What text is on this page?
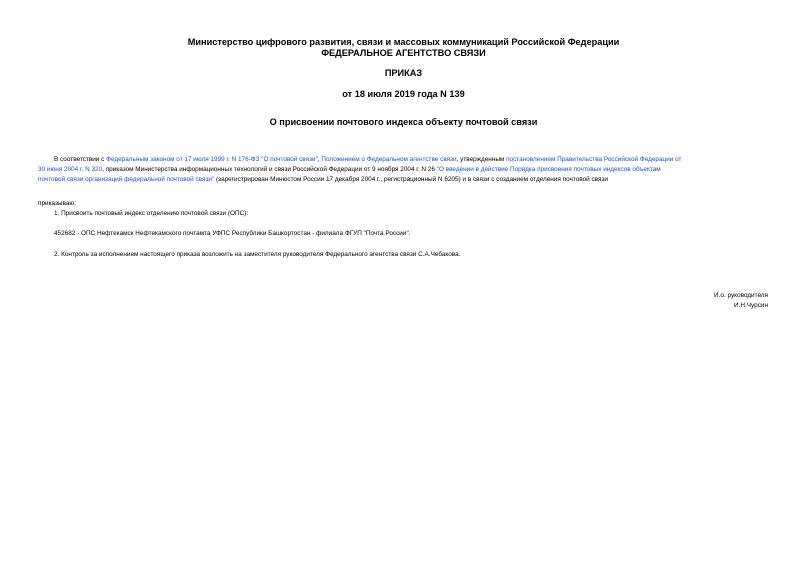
Министерство цифрового развития, связи и массовых коммуникаций Российской Федерации
ФЕДЕРАЛЬНОЕ АГЕНТСТВО СВЯЗИ
ПРИКАЗ
от 18 июля 2019 года N 139
О присвоении почтового индекса объекту почтовой связи
В соответствии с Федеральным законом от 17 июля 1999 г. N 176-ФЗ "О почтовой связи", Положением о Федеральном агентстве связи, утвержденным постановлением Правительства Российской Федерации от
30 июня 2004 г. N 320, приказом Министерства информационных технологий и связи Российской Федерации от 9 ноября 2004 г. N 26 "О введении в действие Порядка присвоения почтовых индексов объектам
почтовой связи организаций федеральной почтовой связи" (зарегистрирован Минюстом России 17 декабря 2004 г., регистрационный N 6205) и в связи с созданием отделения почтовой связи
приказываю:
1. Присвоить почтовый индекс отделению почтовой связи (ОПС):
452682 - ОПС Нефтекамск Нефтекамского почтамта УФПС Республики Башкортостан - филиала ФГУП "Почта России".
2. Контроль за исполнением настоящего приказа возложить на заместителя руководителя Федерального агентства связи С.А.Чебакова.
И.о. руководителя
И.Н.Чурсин
